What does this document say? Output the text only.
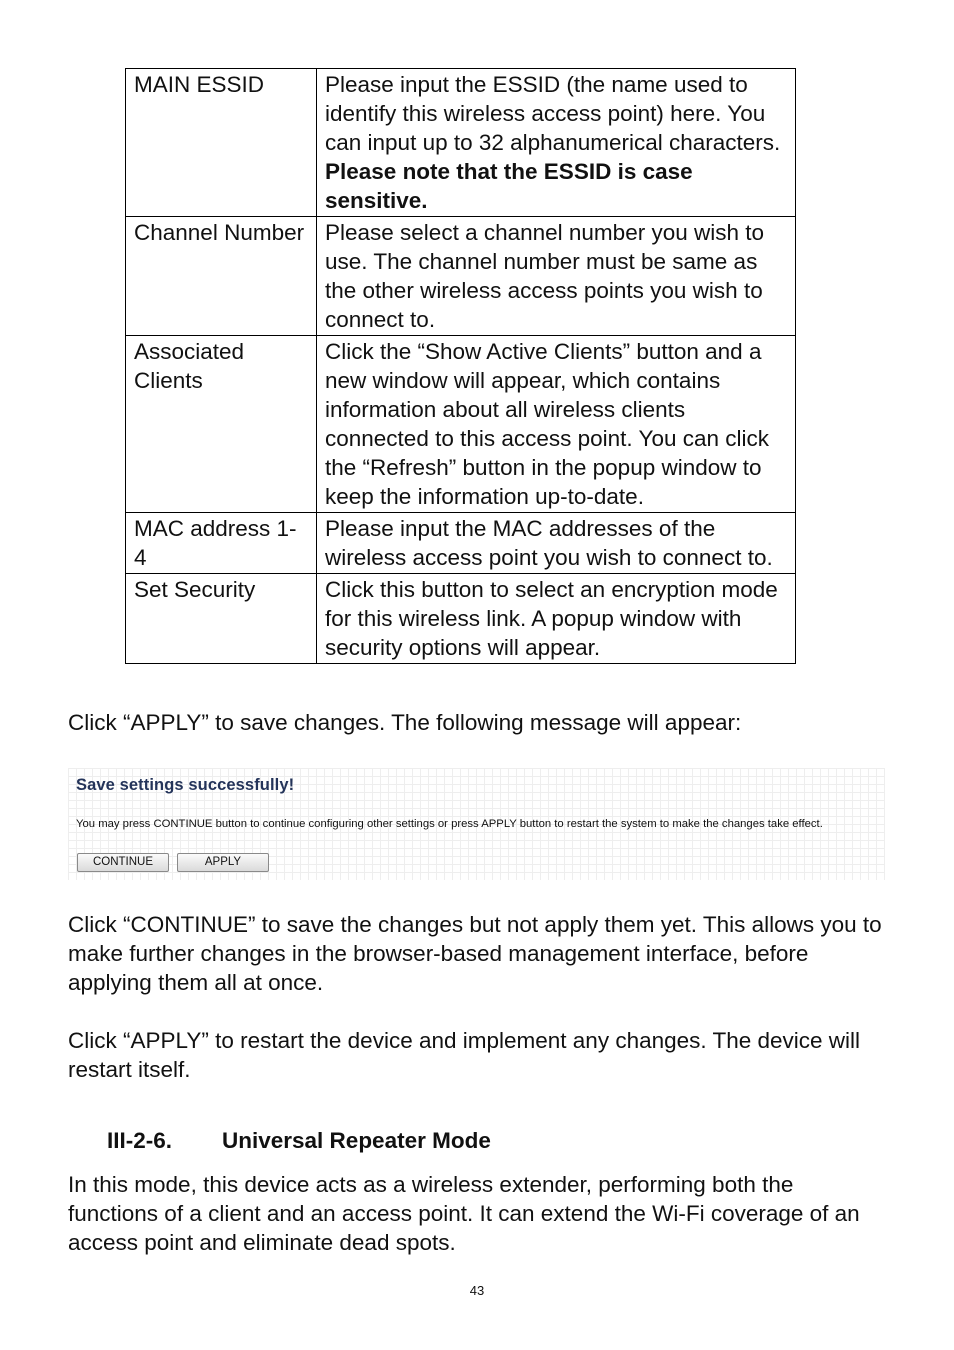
MAIN ESSID	Please input the ESSID (the name used to identify this wireless access point) here. You can input up to 32 alphanumerical characters. Please note that the ESSID is case sensitive.
Channel Number	Please select a channel number you wish to use. The channel number must be same as the other wireless access points you wish to connect to.
Associated Clients	Click the “Show Active Clients” button and a new window will appear, which contains information about all wireless clients connected to this access point. You can click the “Refresh” button in the popup window to keep the information up-to-date.
MAC address 1-4	Please input the MAC addresses of the wireless access point you wish to connect to.
Set Security	Click this button to select an encryption mode for this wireless link. A popup window with security options will appear.

Click “APPLY” to save changes. The following message will appear:

Save settings successfully!
You may press CONTINUE button to continue configuring other settings or press APPLY button to restart the system to make the changes take effect.
CONTINUE	APPLY

Click “CONTINUE” to save the changes but not apply them yet. This allows you to make further changes in the browser-based management interface, before applying them all at once.

Click “APPLY” to restart the device and implement any changes. The device will restart itself.

III-2-6. Universal Repeater Mode

In this mode, this device acts as a wireless extender, performing both the functions of a client and an access point. It can extend the Wi-Fi coverage of an access point and eliminate dead spots.

43
